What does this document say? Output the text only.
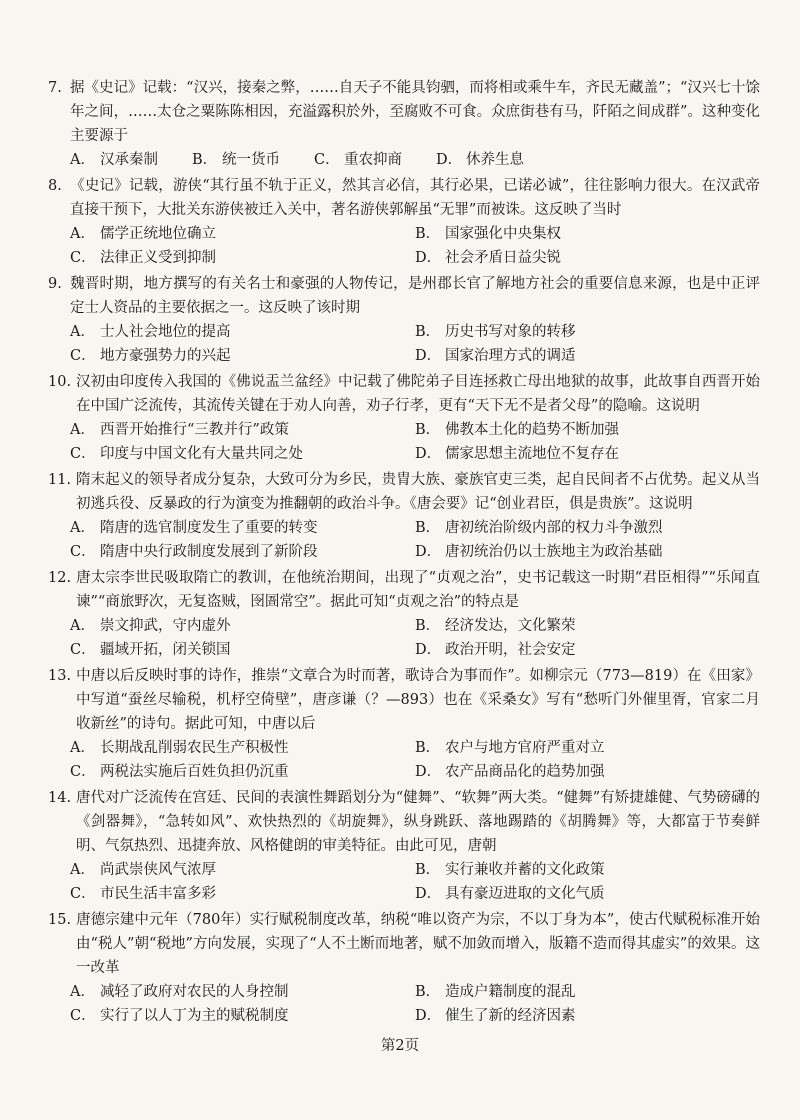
7. 据《史记》记载：“汉兴，接秦之弊，……自天子不能具钧驷，而将相或乘牛车，齐民无藏盖”；“汉兴七十馀年之间，……太仓之粟陈陈相因，充溢露积於外，至腐败不可食。众庶街巷有马，阡陌之间成群”。这种变化主要源于
A． 汉承秦制 B． 统一货币 C． 重农抑商 D． 休养生息
8. 《史记》记载，游侠“其行虽不轨于正义，然其言必信，其行必果，已诺必诚”，往往影响力很大。在汉武帝直接干预下，大批关东游侠被迁入关中，著名游侠郭解虽“无罪”而被诛。这反映了当时
A． 儒学正统地位确立	B． 国家强化中央集权
C． 法律正义受到抑制	D． 社会矛盾日益尖锐
9. 魏晋时期，地方撰写的有关名士和豪强的人物传记，是州郡长官了解地方社会的重要信息来源，也是中正评定士人资品的主要依据之一。这反映了该时期
A． 士人社会地位的提高	B． 历史书写对象的转移
C． 地方豪强势力的兴起	D． 国家治理方式的调适
10. 汉初由印度传入我国的《佛说盂兰盆经》中记载了佛陀弟子目连拯救亡母出地狱的故事，此故事自西晋开始在中国广泛流传，其流传关键在于劝人向善，劝子行孝，更有“天下无不是者父母”的隐喻。这说明
A． 西晋开始推行“三教并行”政策	B． 佛教本土化的趋势不断加强
C． 印度与中国文化有大量共同之处	D． 儒家思想主流地位不复存在
11. 隋末起义的领导者成分复杂，大致可分为乡民，贵胄大族、豪族官吏三类，起自民间者不占优势。起义从当初逃兵役、反暴政的行为演变为推翻朝的政治斗争。《唐会要》记“创业君臣，俱是贵族”。这说明
A． 隋唐的选官制度发生了重要的转变	B． 唐初统治阶级内部的权力斗争激烈
C． 隋唐中央行政制度发展到了新阶段	D． 唐初统治仍以士族地主为政治基础
12. 唐太宗李世民吸取隋亡的教训，在他统治期间，出现了“贞观之治”，史书记载这一时期“君臣相得”“乐闻直谏”“商旅野次，无复盗贼，囹圄常空”。据此可知“贞观之治”的特点是
A． 崇文抑武，守内虚外	B． 经济发达，文化繁荣
C． 疆域开拓，闭关锁国	D． 政治开明，社会安定
13. 中唐以后反映时事的诗作，推崇“文章合为时而著，歌诗合为事而作”。如柳宗元（773—819）在《田家》中写道“蚕丝尽输税，机杼空倚壁”，唐彦谦（？—893）也在《采桑女》写有“愁听门外催里胥，官家二月收新丝”的诗句。据此可知，中唐以后
A． 长期战乱削弱农民生产积极性	B． 农户与地方官府严重对立
C． 两税法实施后百姓负担仍沉重	D． 农产品商品化的趋势加强
14. 唐代对广泛流传在宫廷、民间的表演性舞蹈划分为“健舞”、“软舞”两大类。“健舞”有矫捷雄健、气势磅礴的《剑器舞》，“急转如风”、欢快热烈的《胡旋舞》，纵身跳跃、落地踢踏的《胡腾舞》等，大都富于节奏鲜明、气氛热烈、迅捷奔放、风格健朗的审美特征。由此可见，唐朝
A． 尚武崇侠风气浓厚	B． 实行兼收并蓄的文化政策
C． 市民生活丰富多彩	D． 具有豪迈进取的文化气质
15. 唐德宗建中元年（780年）实行赋税制度改革，纳税“唯以资产为宗，不以丁身为本”，使古代赋税标准开始由“税人”朝“税地”方向发展，实现了“人不土断而地著，赋不加敛而增入，版籍不造而得其虚实”的效果。这一改革
A． 减轻了政府对农民的人身控制	B． 造成户籍制度的混乱
C． 实行了以人丁为主的赋税制度	D． 催生了新的经济因素
第2页
